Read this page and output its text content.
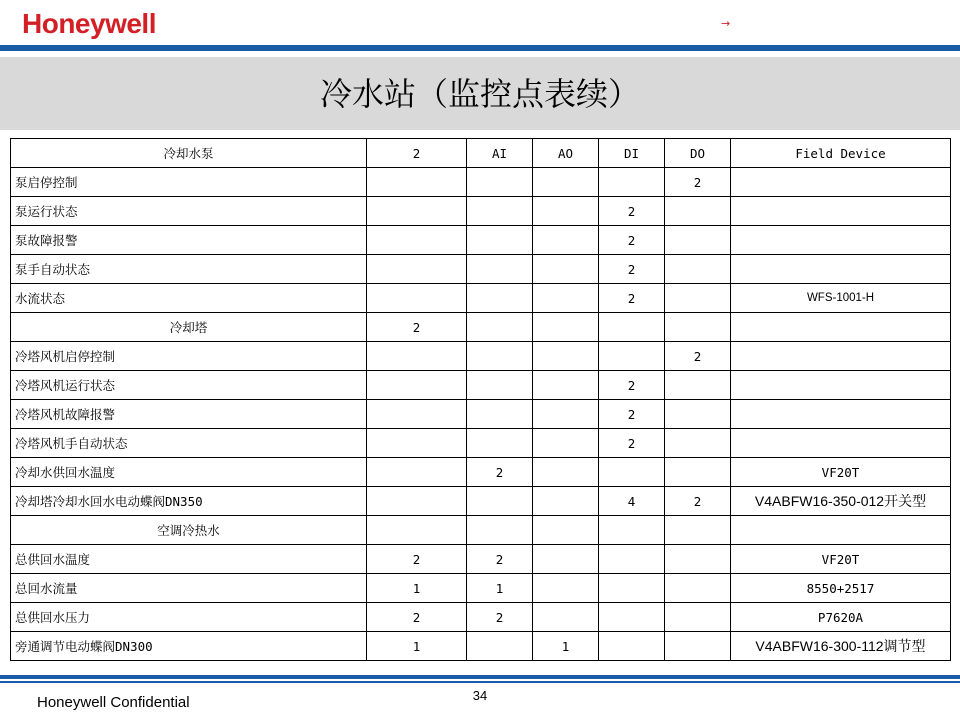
Honeywell	→
冷水站（监控点表续）
冷却水泵	2	AI	AO	DI	DO	Field Device
泵启停控制					2	
泵运行状态				2		
泵故障报警				2		
泵手自动状态				2		
水流状态				2		WFS-1001-H
冷却塔	2					
冷塔风机启停控制					2	
冷塔风机运行状态				2		
冷塔风机故障报警				2		
冷塔风机手自动状态				2		
冷却水供回水温度		2				VF20T
冷却塔冷却水回水电动蝶阀DN350				4	2	V4ABFW16-350-012开关型
空调冷热水						
总供回水温度	2	2				VF20T
总回水流量	1	1				8550+2517
总供回水压力	2	2				P7620A
旁通调节电动蝶阀DN300	1		1			V4ABFW16-300-112调节型
34
Honeywell Confidential
